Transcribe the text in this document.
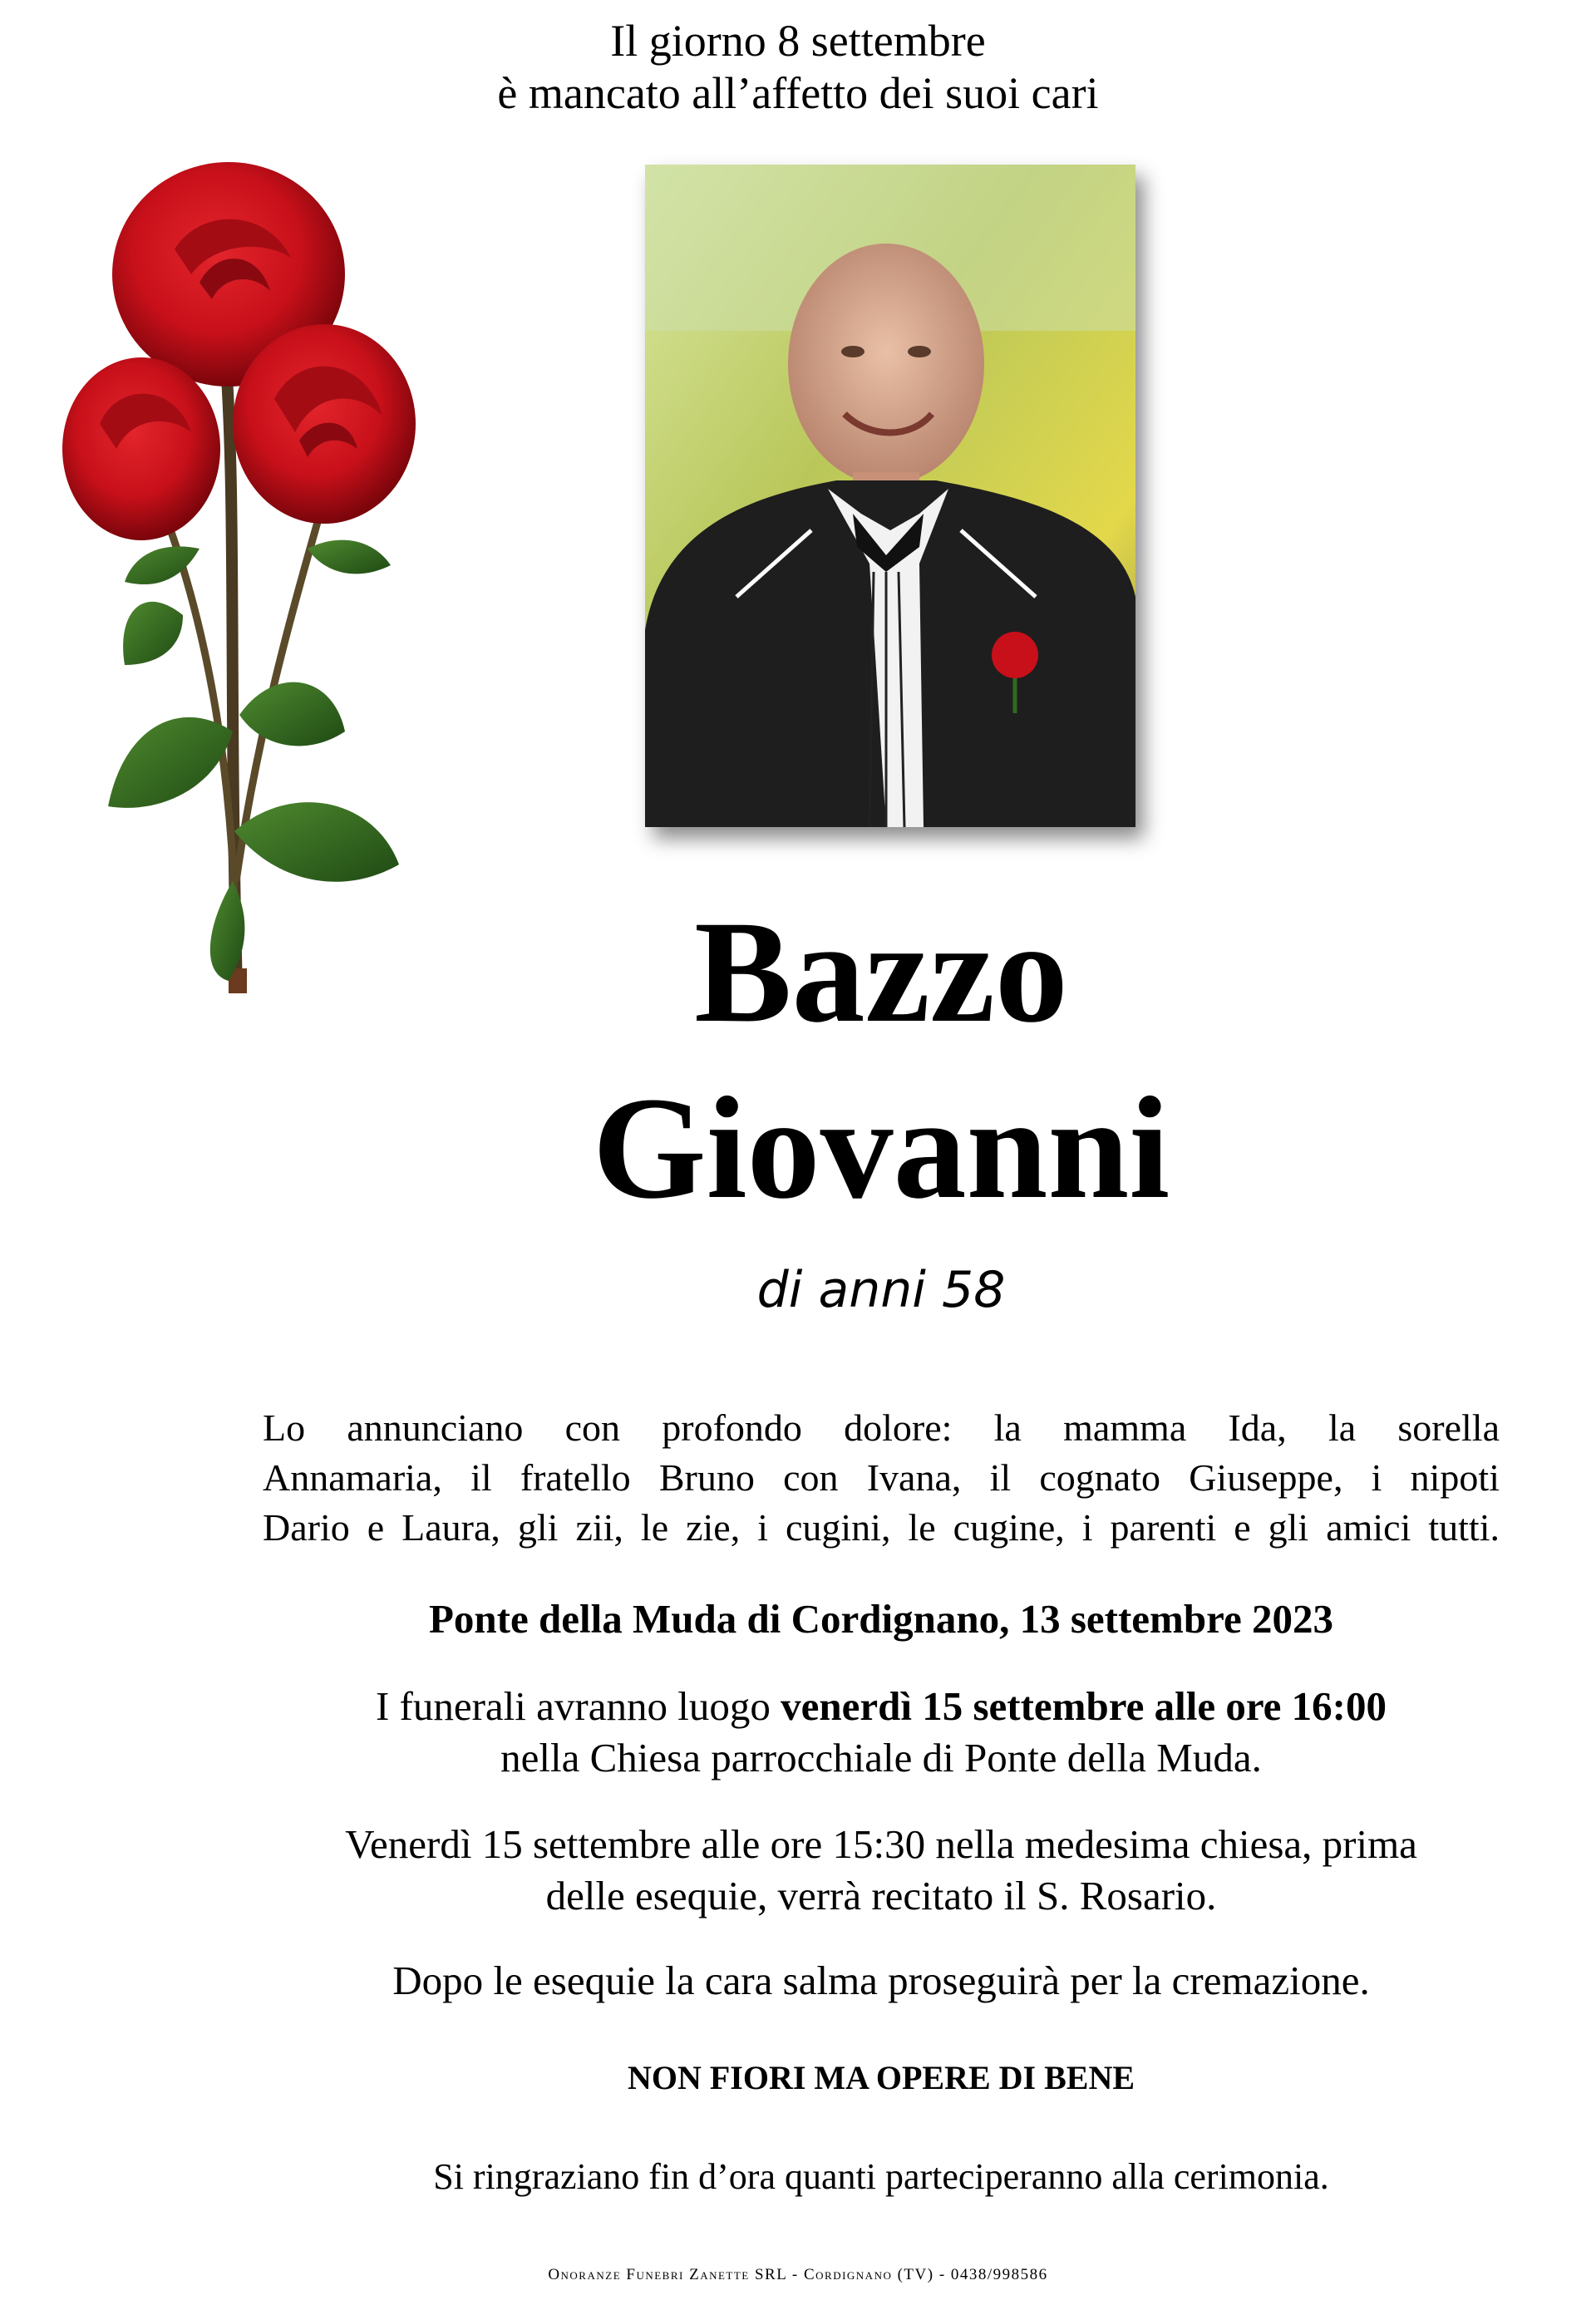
Il giorno 8 settembre
è mancato all’affetto dei suoi cari
Bazzo
Giovanni
di anni 58
Lo annunciano con profondo dolore: la mamma Ida, la sorella
Annamaria, il fratello Bruno con Ivana, il cognato Giuseppe, i nipoti
Dario e Laura, gli zii, le zie, i cugini, le cugine, i parenti e gli amici tutti.
Ponte della Muda di Cordignano, 13 settembre 2023
I funerali avranno luogo venerdì 15 settembre alle ore 16:00
nella Chiesa parrocchiale di Ponte della Muda.
Venerdì 15 settembre alle ore 15:30 nella medesima chiesa, prima
delle esequie, verrà recitato il S. Rosario.
Dopo le esequie la cara salma proseguirà per la cremazione.
NON FIORI MA OPERE DI BENE
Si ringraziano fin d’ora quanti parteciperanno alla cerimonia.
Onoranze Funebri Zanette SRL - Cordignano (TV) - 0438/998586
